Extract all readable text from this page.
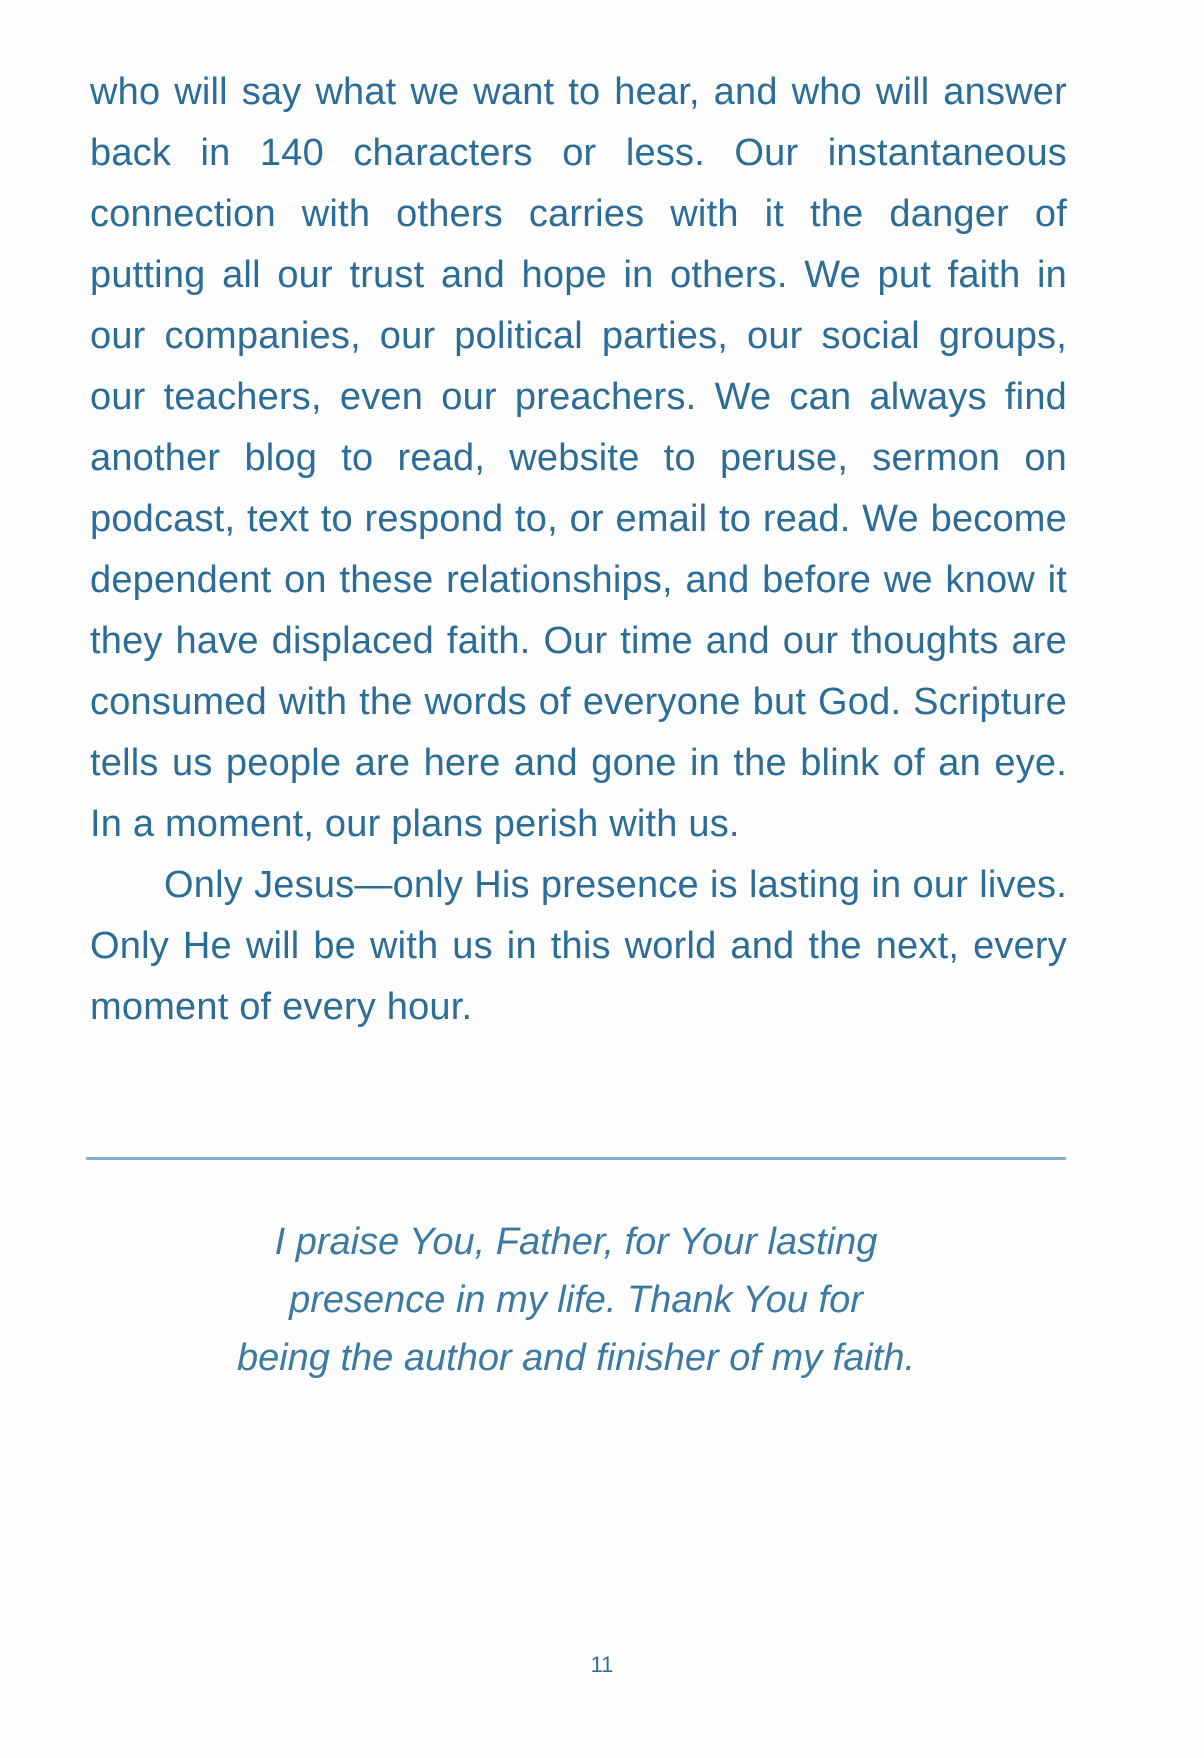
who will say what we want to hear, and who will answer back in 140 characters or less. Our instantaneous connection with others carries with it the danger of putting all our trust and hope in others. We put faith in our companies, our political parties, our social groups, our teachers, even our preachers. We can always find another blog to read, website to peruse, sermon on podcast, text to respond to, or email to read. We become dependent on these relationships, and before we know it they have displaced faith. Our time and our thoughts are consumed with the words of everyone but God. Scripture tells us people are here and gone in the blink of an eye. In a moment, our plans perish with us.

Only Jesus—only His presence is lasting in our lives. Only He will be with us in this world and the next, every moment of every hour.

I praise You, Father, for Your lasting
presence in my life. Thank You for
being the author and finisher of my faith.
11
